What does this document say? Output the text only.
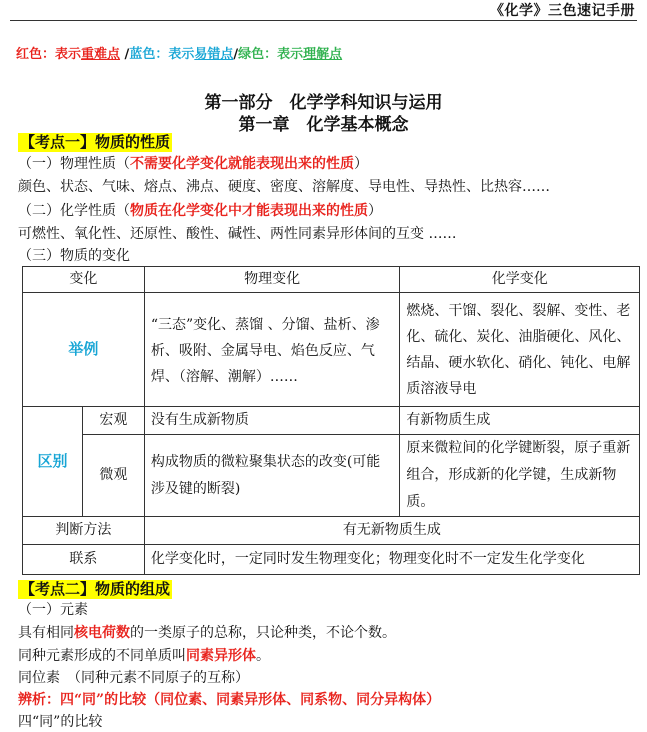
《化学》三色速记手册
红色：表示重难点 /蓝色：表示易错点/绿色：表示理解点
第一部分　化学学科知识与运用
第一章　化学基本概念
【考点一】物质的性质
（一）物理性质（不需要化学变化就能表现出来的性质）
颜色、状态、气味、熔点、沸点、硬度、密度、溶解度、导电性、导热性、比热容……
（二）化学性质（物质在化学变化中才能表现出来的性质）
可燃性、氧化性、还原性、酸性、碱性、两性同素异形体间的互变 ……
（三）物质的变化
变化		物理变化	化学变化
举例		“三态”变化、蒸馏 、分馏、盐析、渗析、吸附、金属导电、焰色反应、气焊、（溶解、潮解）……	燃烧、干馏、裂化、裂解、变性、老化、硫化、炭化、油脂硬化、风化、结晶、硬水软化、硝化、钝化、电解质溶液导电
区别	宏观	没有生成新物质	有新物质生成
	微观	构成物质的微粒聚集状态的改变(可能涉及键的断裂)	原来微粒间的化学键断裂，原子重新组合，形成新的化学键，生成新物质。
判断方法		有无新物质生成	
联系		化学变化时，一定同时发生物理变化；物理变化时不一定发生化学变化	
【考点二】物质的组成
（一）元素
具有相同核电荷数的一类原子的总称，只论种类，不论个数。
同种元素形成的不同单质叫同素异形体。
同位素　（同种元素不同原子的互称）
辨析：四“同”的比较（同位素、同素异形体、同系物、同分异构体）
四“同”的比较
